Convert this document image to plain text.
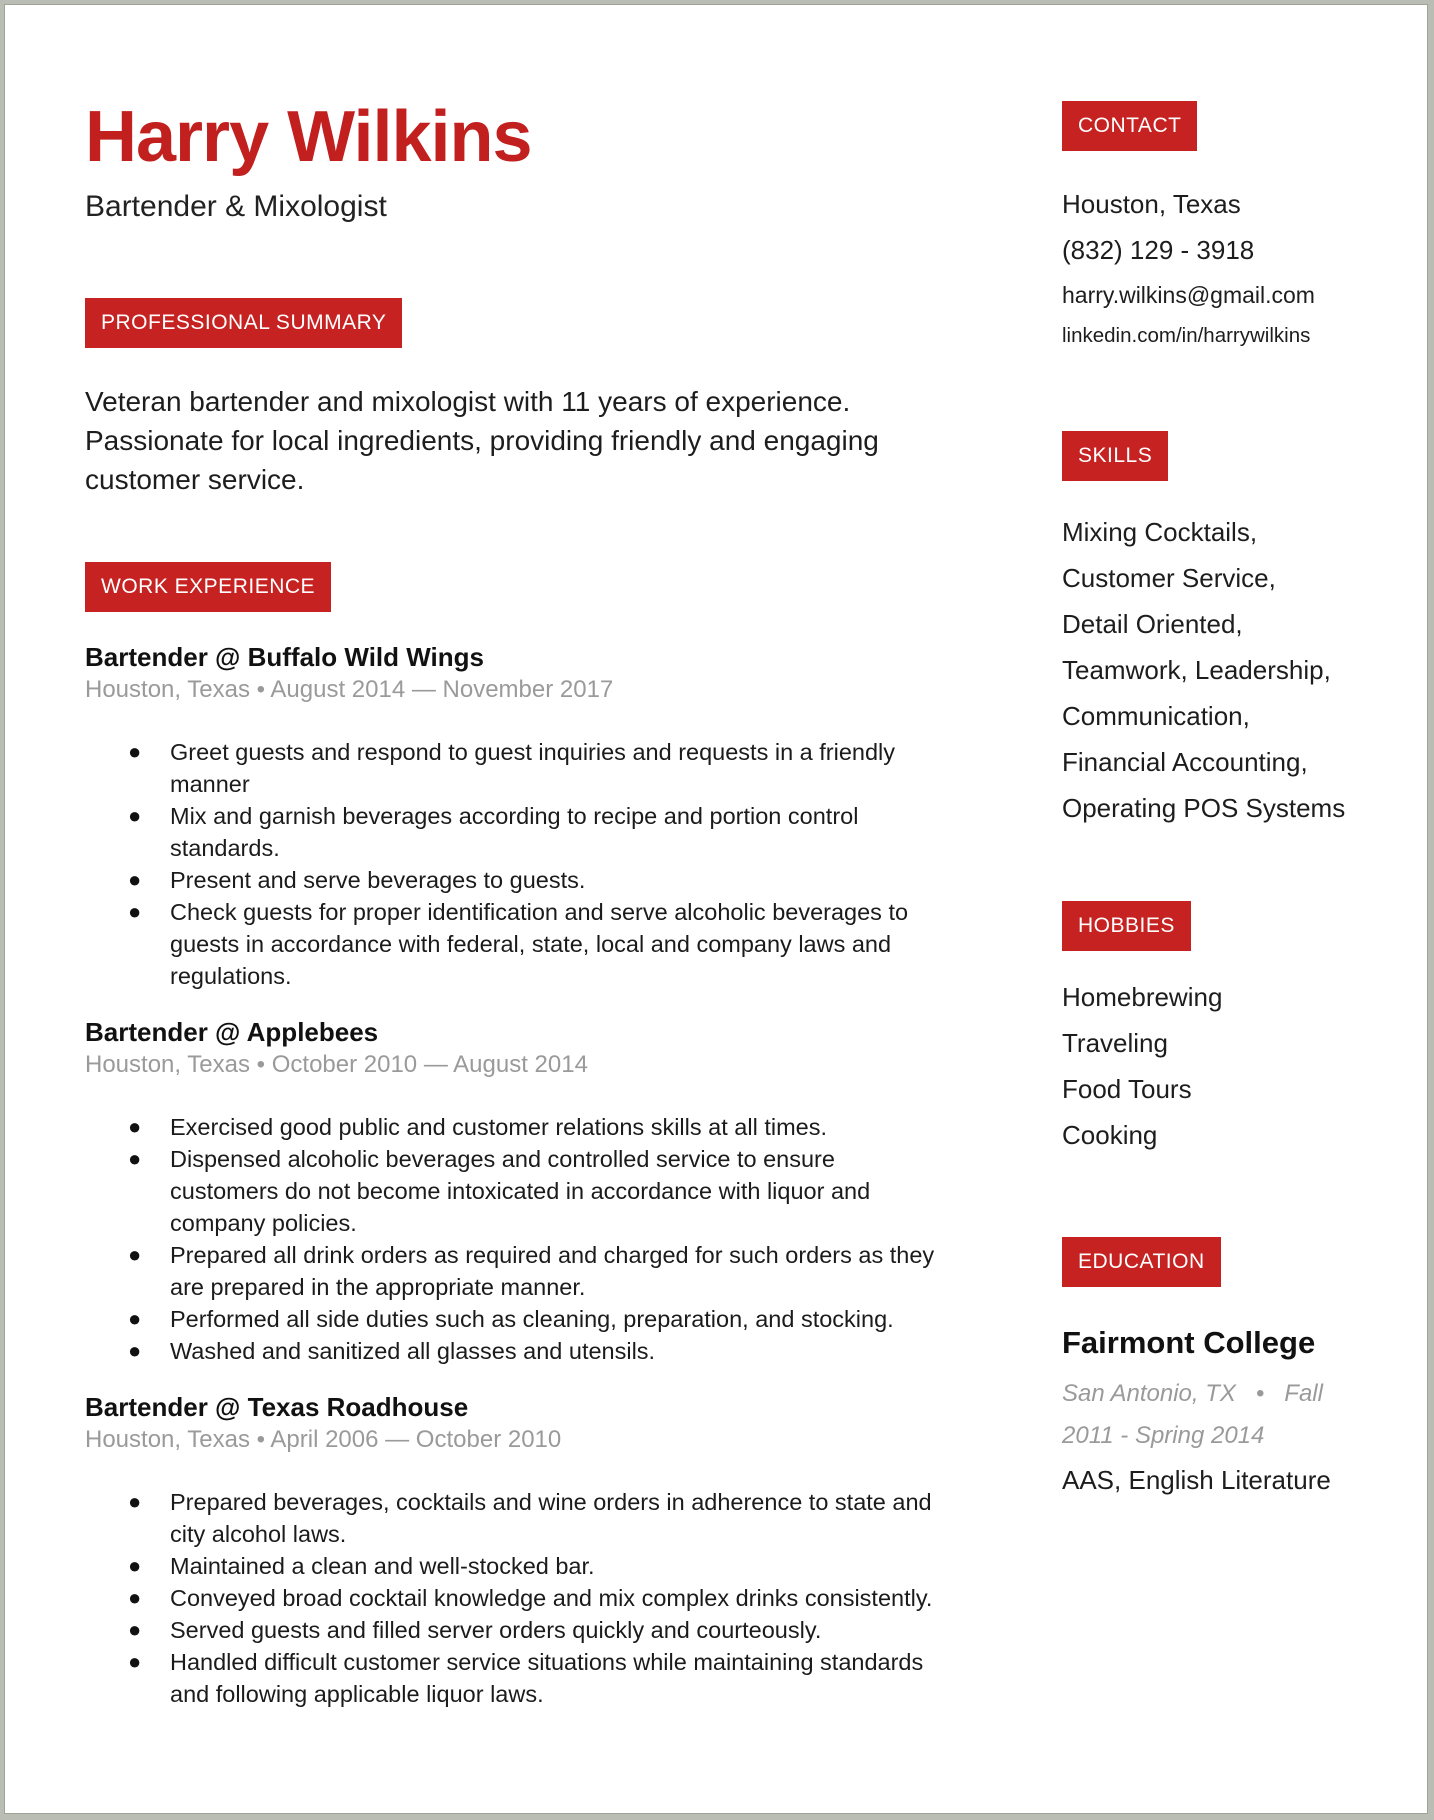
Harry Wilkins
Bartender & Mixologist
PROFESSIONAL SUMMARY
Veteran bartender and mixologist with 11 years of experience.
Passionate for local ingredients, providing friendly and engaging
customer service.
WORK EXPERIENCE
Bartender @ Buffalo Wild Wings
Houston, Texas • August 2014 — November 2017
● Greet guests and respond to guest inquiries and requests in a friendly
manner
● Mix and garnish beverages according to recipe and portion control
standards.
● Present and serve beverages to guests.
● Check guests for proper identification and serve alcoholic beverages to
guests in accordance with federal, state, local and company laws and
regulations.
Bartender @ Applebees
Houston, Texas • October 2010 — August 2014
● Exercised good public and customer relations skills at all times.
● Dispensed alcoholic beverages and controlled service to ensure
customers do not become intoxicated in accordance with liquor and
company policies.
● Prepared all drink orders as required and charged for such orders as they
are prepared in the appropriate manner.
● Performed all side duties such as cleaning, preparation, and stocking.
● Washed and sanitized all glasses and utensils.
Bartender @ Texas Roadhouse
Houston, Texas • April 2006 — October 2010
● Prepared beverages, cocktails and wine orders in adherence to state and
city alcohol laws.
● Maintained a clean and well-stocked bar.
● Conveyed broad cocktail knowledge and mix complex drinks consistently.
● Served guests and filled server orders quickly and courteously.
● Handled difficult customer service situations while maintaining standards
and following applicable liquor laws.
CONTACT
Houston, Texas
(832) 129 - 3918
harry.wilkins@gmail.com
linkedin.com/in/harrywilkins
SKILLS
Mixing Cocktails,
Customer Service,
Detail Oriented,
Teamwork, Leadership,
Communication,
Financial Accounting,
Operating POS Systems
HOBBIES
Homebrewing
Traveling
Food Tours
Cooking
EDUCATION
Fairmont College
San Antonio, TX   •   Fall
2011 - Spring 2014
AAS, English Literature
